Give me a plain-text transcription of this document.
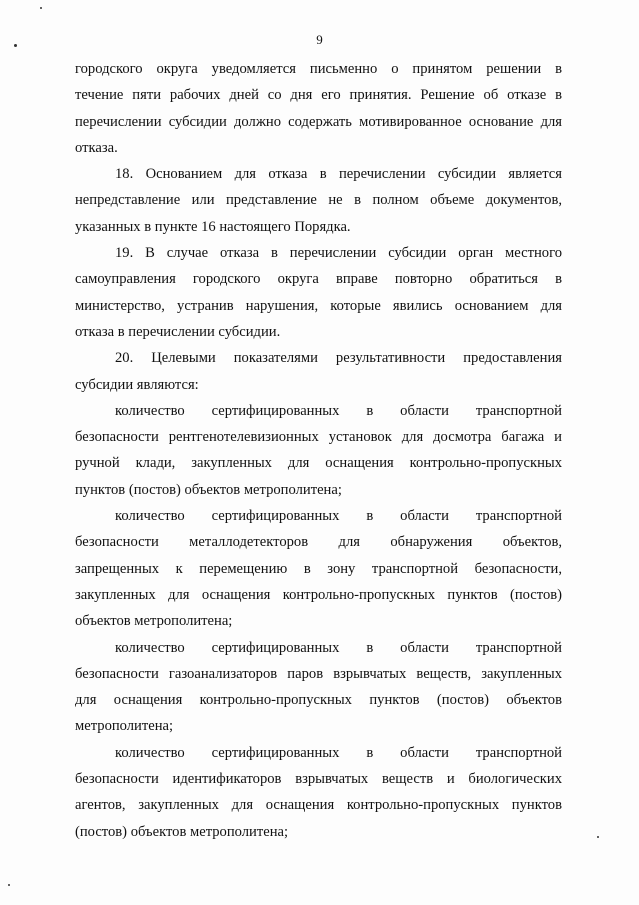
9
городского округа уведомляется письменно о принятом решении в
течение пяти рабочих дней со дня его принятия. Решение об отказе в
перечислении субсидии должно содержать мотивированное основание для
отказа.
18. Основанием для отказа в перечислении субсидии является
непредставление или представление не в полном объеме документов,
указанных в пункте 16 настоящего Порядка.
19. В случае отказа в перечислении субсидии орган местного
самоуправления городского округа вправе повторно обратиться в
министерство, устранив нарушения, которые явились основанием для
отказа в перечислении субсидии.
20. Целевыми показателями результативности предоставления
субсидии являются:
количество сертифицированных в области транспортной
безопасности рентгенотелевизионных установок для досмотра багажа и
ручной клади, закупленных для оснащения контрольно-пропускных
пунктов (постов) объектов метрополитена;
количество сертифицированных в области транспортной
безопасности металлодетекторов для обнаружения объектов,
запрещенных к перемещению в зону транспортной безопасности,
закупленных для оснащения контрольно-пропускных пунктов (постов)
объектов метрополитена;
количество сертифицированных в области транспортной
безопасности газоанализаторов паров взрывчатых веществ, закупленных
для оснащения контрольно-пропускных пунктов (постов) объектов
метрополитена;
количество сертифицированных в области транспортной
безопасности идентификаторов взрывчатых веществ и биологических
агентов, закупленных для оснащения контрольно-пропускных пунктов
(постов) объектов метрополитена;
